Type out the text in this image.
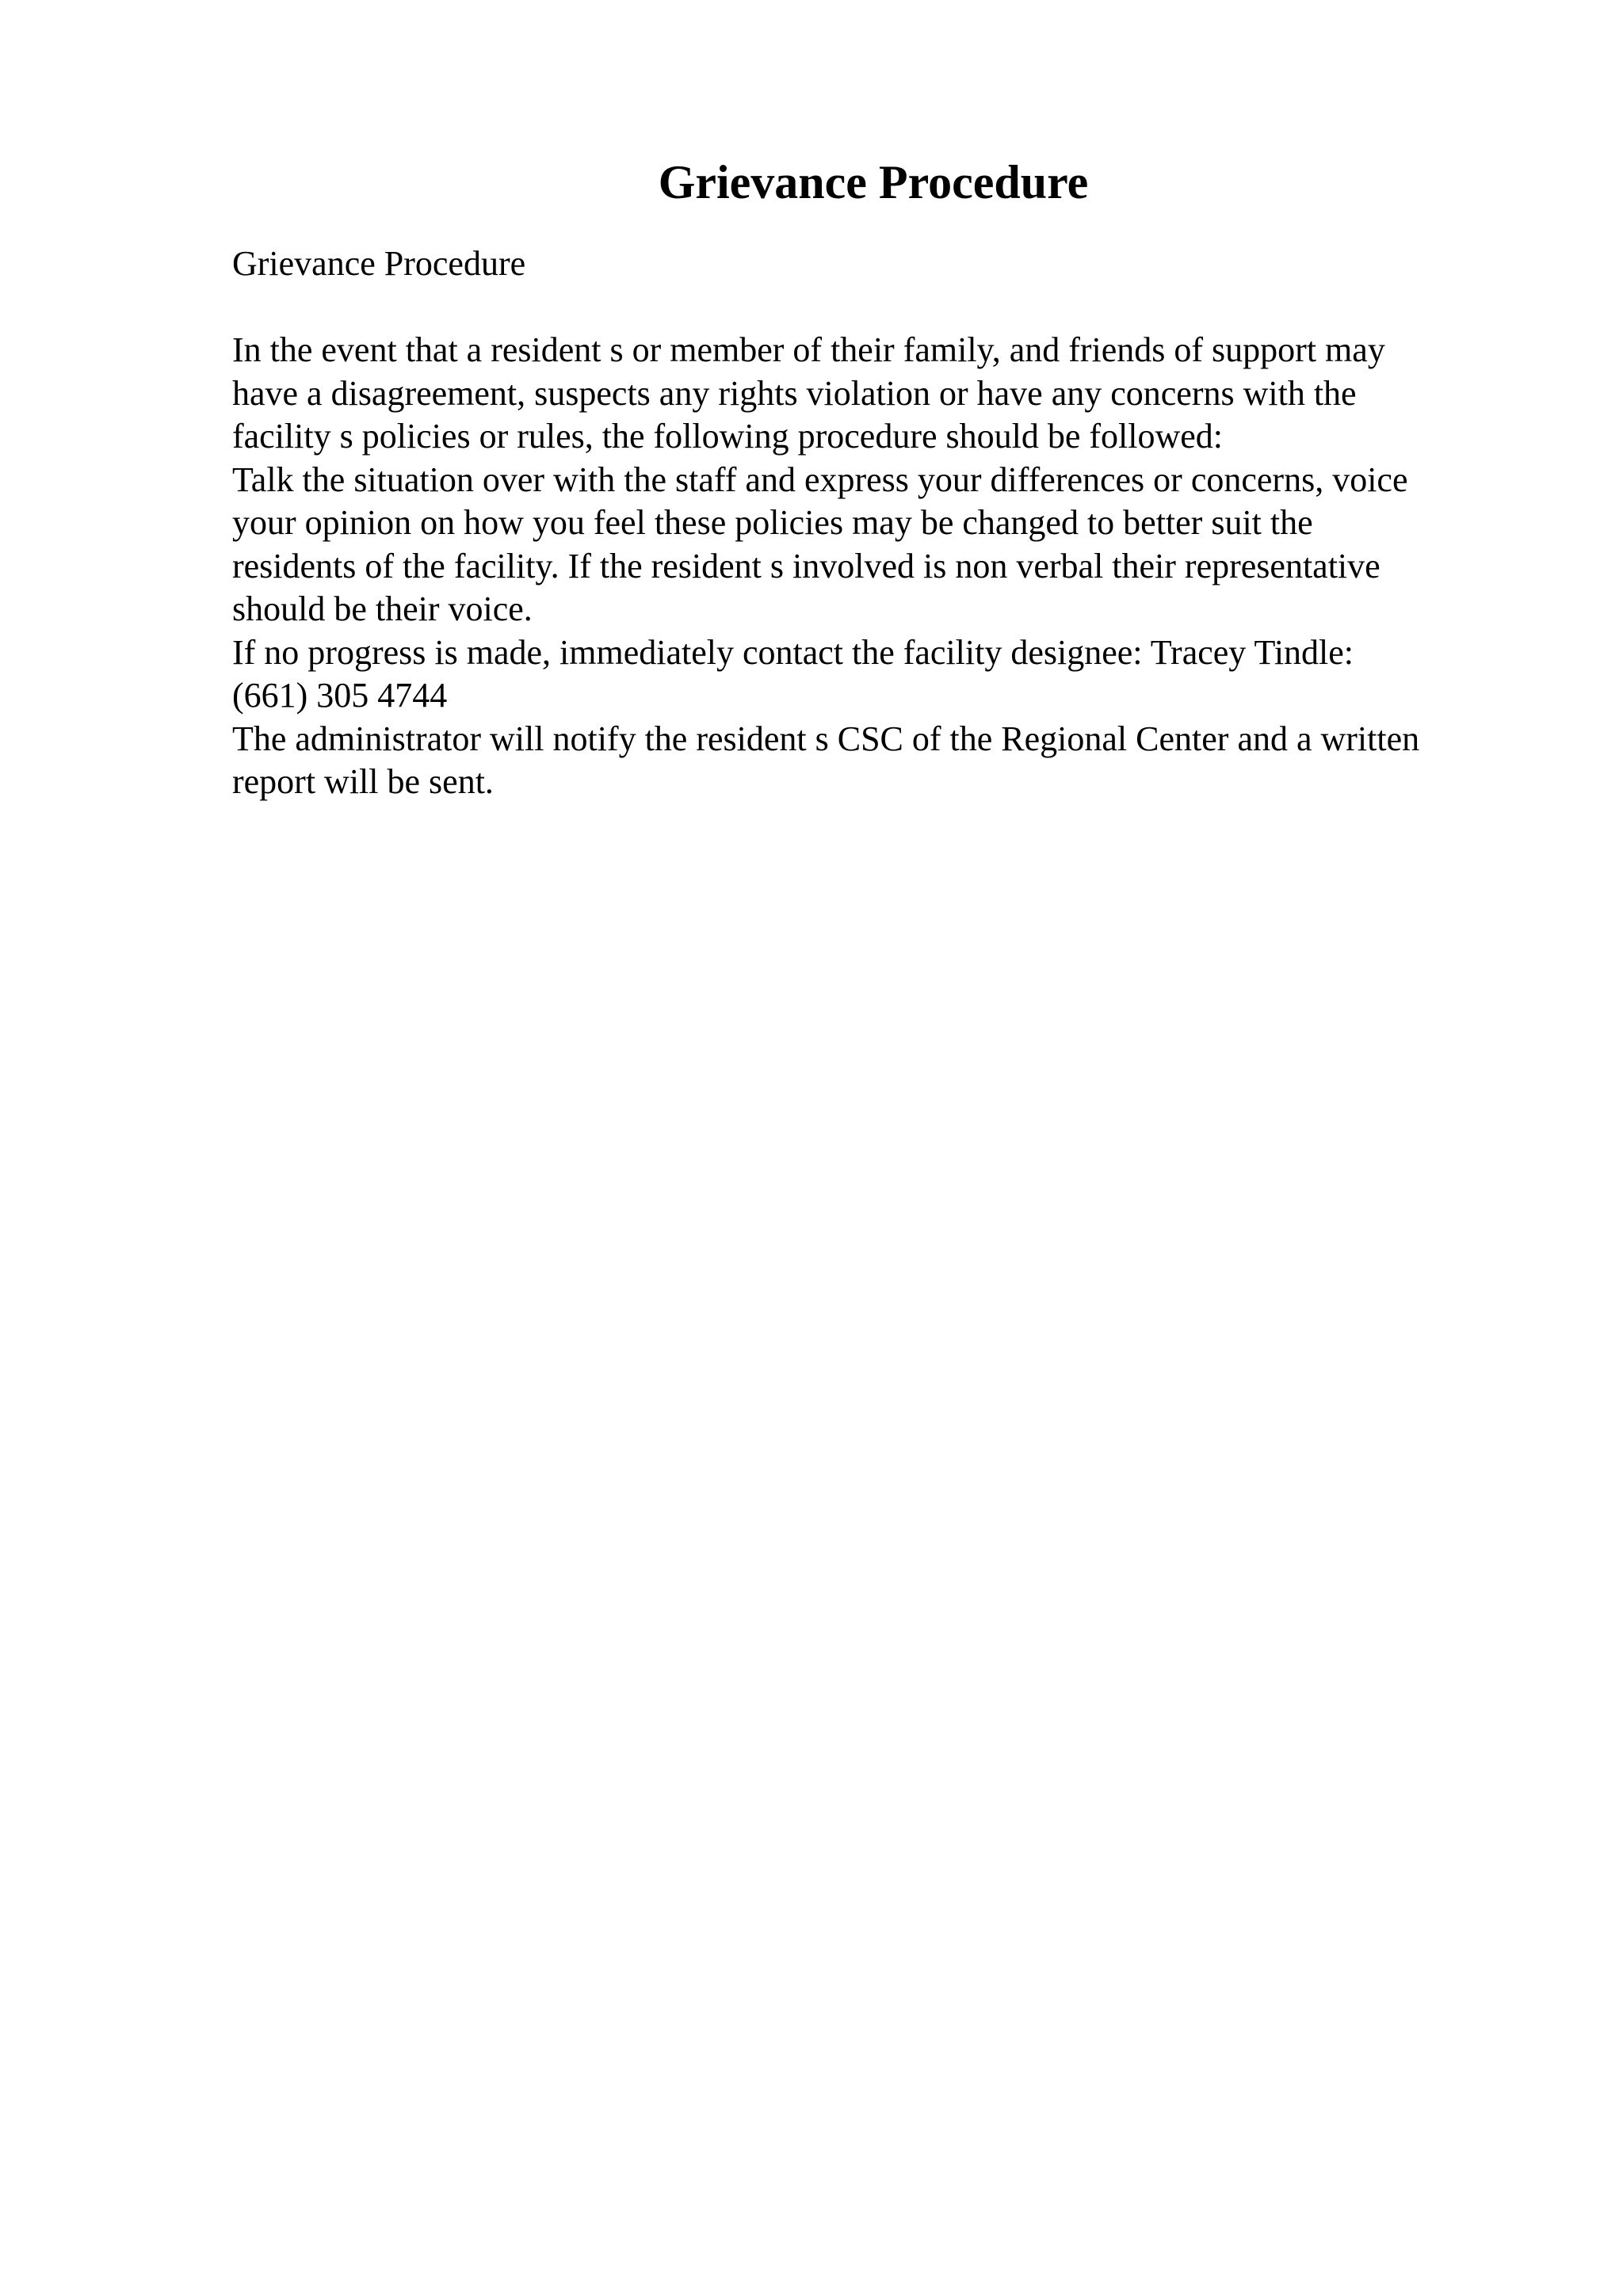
Grievance Procedure

Grievance Procedure

In the event that a resident s or member of their family, and friends of support may

have a disagreement, suspects any rights violation or have any concerns with the

facility s policies or rules, the following procedure should be followed:

Talk the situation over with the staff and express your differences or concerns, voice

your opinion on how you feel these policies may be changed to better suit the

residents of the facility. If the resident s involved is non verbal their representative

should be their voice.

If no progress is made, immediately contact the facility designee: Tracey Tindle:

(661) 305 4744

The administrator will notify the resident s CSC of the Regional Center and a written

report will be sent.
